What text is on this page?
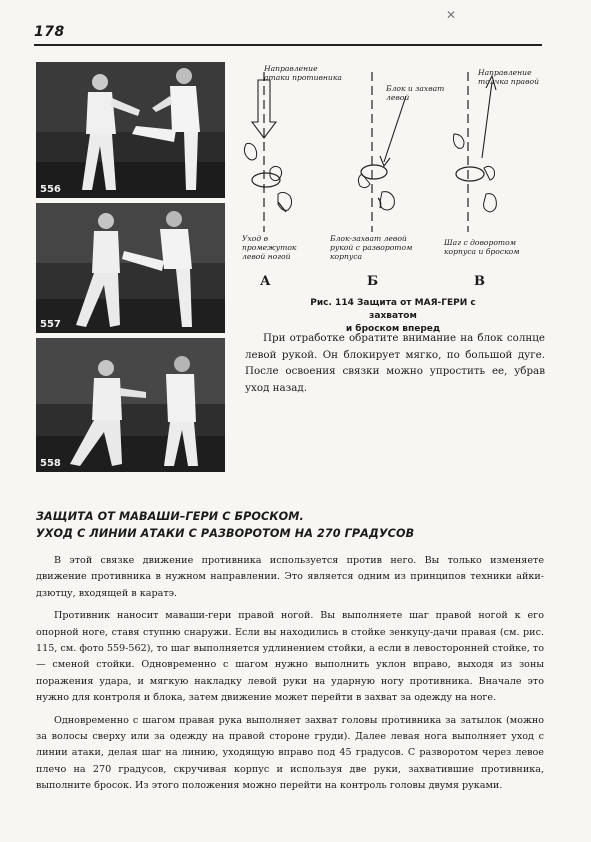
178
✕
556
557
558
Направление атаки противника
Блок и захват левой
Направление толчка правой
Уход в промежуток левой ногой
Блок-захват левой рукой с разворотом корпуса
Шаг с доворотом корпуса и броском
А	Б	В
Рис. 114 Защита от МАЯ-ГЕРИ с захватом
и броском вперед
При отработке обратите внимание на блок солнце левой рукой. Он блокирует мягко, по большой дуге. После освоения связки можно упростить ее, убрав уход назад.
ЗАЩИТА ОТ МАВАШИ–ГЕРИ С БРОСКОМ.
УХОД С ЛИНИИ АТАКИ С РАЗВОРОТОМ НА 270 ГРАДУСОВ

В этой связке движение противника используется против него. Вы только изменяете движение противника в нужном направлении. Это является одним из принципов техники айки-дзютцу, входящей в каратэ.

Противник наносит маваши-гери правой ногой. Вы выполняете шаг правой ногой к его опорной ноге, ставя ступню снаружи. Если вы находились в стойке зенкуцу-дачи правая (см. рис. 115, см. фото 559-562), то шаг выполняется удлинением стойки, а если в левосторонней стойке, то — сменой стойки. Одновременно с шагом нужно выполнить уклон вправо, выходя из зоны поражения удара, и мягкую накладку левой руки на ударную ногу противника. Вначале это нужно для контроля и блока, затем движение может перейти в захват за одежду на ноге.

Одновременно с шагом правая рука выполняет захват головы противника за затылок (можно за волосы сверху или за одежду на правой стороне груди). Далее левая нога выполняет уход с линии атаки, делая шаг на линию, уходящую вправо под 45 градусов. С разворотом через левое плечо на 270 градусов, скручивая корпус и используя две руки, захватившие противника, выполните бросок. Из этого положения можно перейти на контроль головы двумя руками.
